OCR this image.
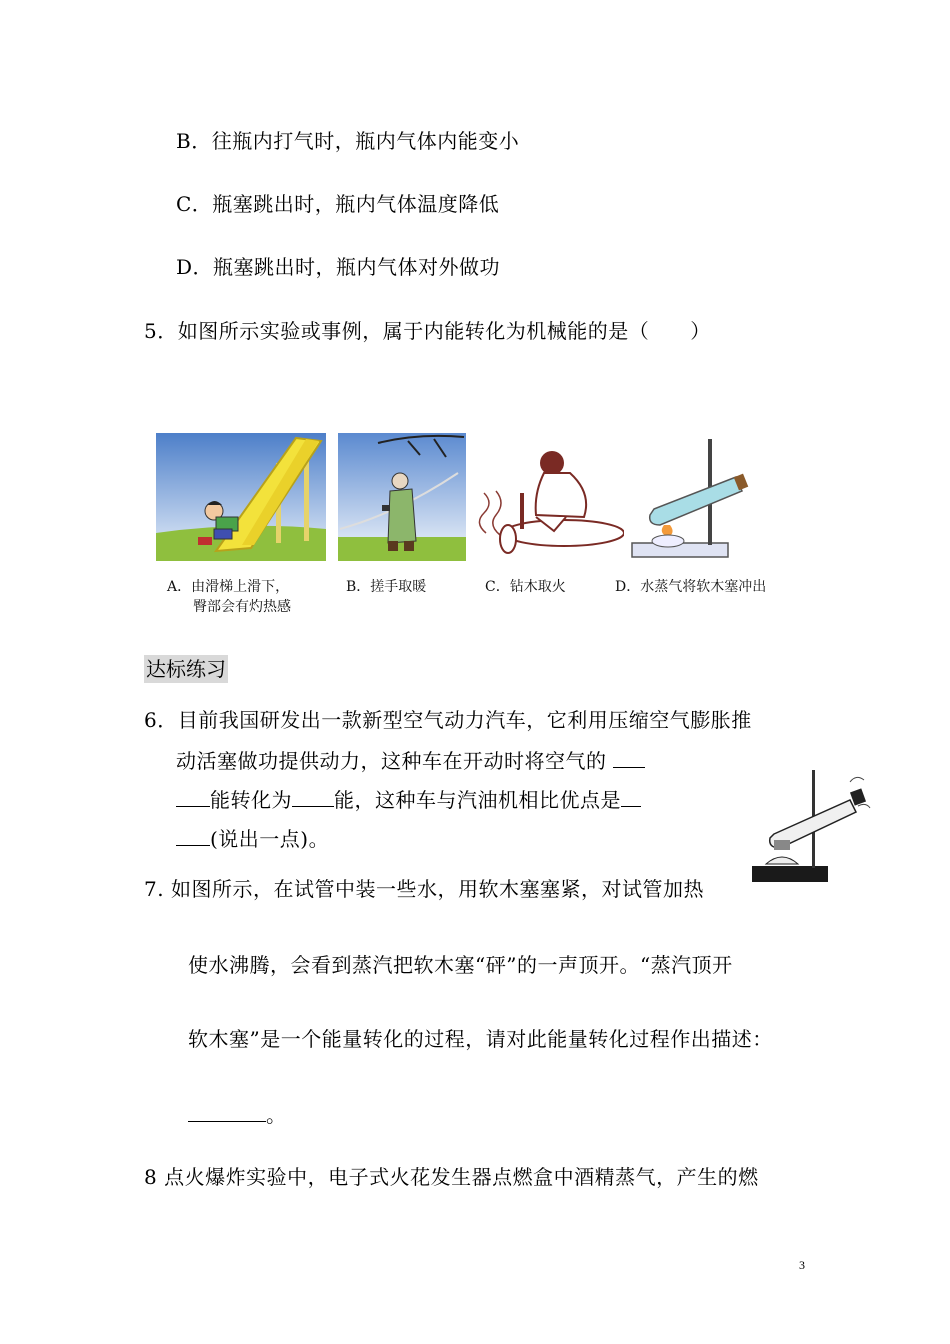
B．往瓶内打气时，瓶内气体内能变小
C．瓶塞跳出时，瓶内气体温度降低
D．瓶塞跳出时，瓶内气体对外做功
5．如图所示实验或事例，属于内能转化为机械能的是（　　）
A．由滑梯上滑下，
臀部会有灼热感
B．搓手取暖	C．钻木取火	D．水蒸气将软木塞冲出
达标练习
6．目前我国研发出一款新型空气动力汽车，它利用压缩空气膨胀推
动活塞做功提供动力，这种车在开动时将空气的
能转化为 能，这种车与汽油机相比优点是
(说出一点)。
7. 如图所示，在试管中装一些水，用软木塞塞紧，对试管加热
使水沸腾，会看到蒸汽把软木塞“砰”的一声顶开。“蒸汽顶开
软木塞”是一个能量转化的过程，请对此能量转化过程作出描述：
。
8 点火爆炸实验中，电子式火花发生器点燃盒中酒精蒸气，产生的燃
3
